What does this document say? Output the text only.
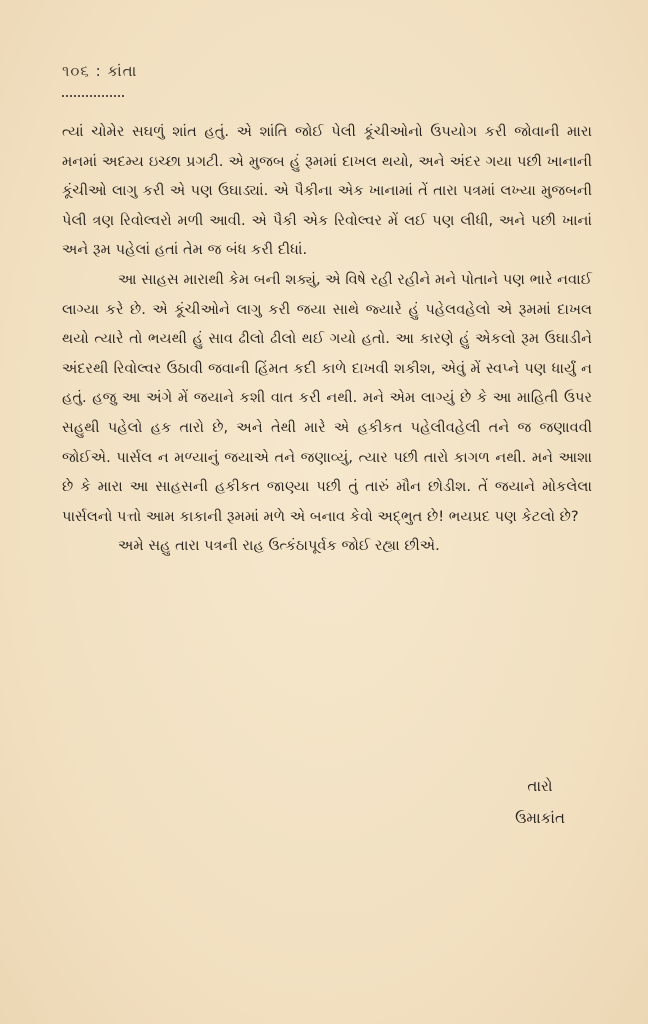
૧૦૬ : કાંતા

ત્યાં ચોમેર સઘળું શાંત હતું. એ શાંતિ જોઈ પેલી કૂંચીઓનો ઉપયોગ કરી જોવાની મારા મનમાં અદમ્ય ઇચ્છા પ્રગટી. એ મુજબ હું રૂમમાં દાખલ થયો, અને અંદર ગયા પછી ખાનાની કૂંચીઓ લાગુ કરી એ પણ ઉઘાડ્યાં. એ પૈકીના એક ખાનામાં તેં તારા પત્રમાં લખ્યા મુજબની પેલી ત્રણ રિવોલ્વરો મળી આવી. એ પૈકી એક રિવોલ્વર મેં લઈ પણ લીધી, અને પછી ખાનાં અને રૂમ પહેલાં હતાં તેમ જ બંધ કરી દીધાં.

આ સાહસ મારાથી કેમ બની શક્યું, એ વિષે રહી રહીને મને પોતાને પણ ભારે નવાઈ લાગ્યા કરે છે. એ કૂંચીઓને લાગુ કરી જયા સાથે જ્યારે હું પહેલવહેલો એ રૂમમાં દાખલ થયો ત્યારે તો ભયથી હું સાવ ઢીલો ઢીલો થઈ ગયો હતો. આ કારણે હું એકલો રૂમ ઉઘાડીને અંદરથી રિવોલ્વર ઉઠાવી જવાની હિંમત કદી કાળે દાખવી શકીશ, એવું મેં સ્વપ્ને પણ ધાર્યું ન હતું. હજુ આ અંગે મેં જયાને કશી વાત કરી નથી. મને એમ લાગ્યું છે કે આ માહિતી ઉપર સહુથી પહેલો હક તારો છે, અને તેથી મારે એ હકીકત પહેલીવહેલી તને જ જણાવવી જોઈએ. પાર્સલ ન મળ્યાનું જયાએ તને જણાવ્યું, ત્યાર પછી તારો કાગળ નથી. મને આશા છે કે મારા આ સાહસની હકીકત જાણ્યા પછી તું તારું મૌન છોડીશ. તેં જયાને મોકલેલા પાર્સલનો પત્તો આમ કાકાની રૂમમાં મળે એ બનાવ કેવો અદ્ભુત છે! ભયપ્રદ પણ કેટલો છે?

અમે સહુ તારા પત્રની રાહ ઉત્કંઠાપૂર્વક જોઈ રહ્યા છીએ.

તારો
ઉમાકાંત
